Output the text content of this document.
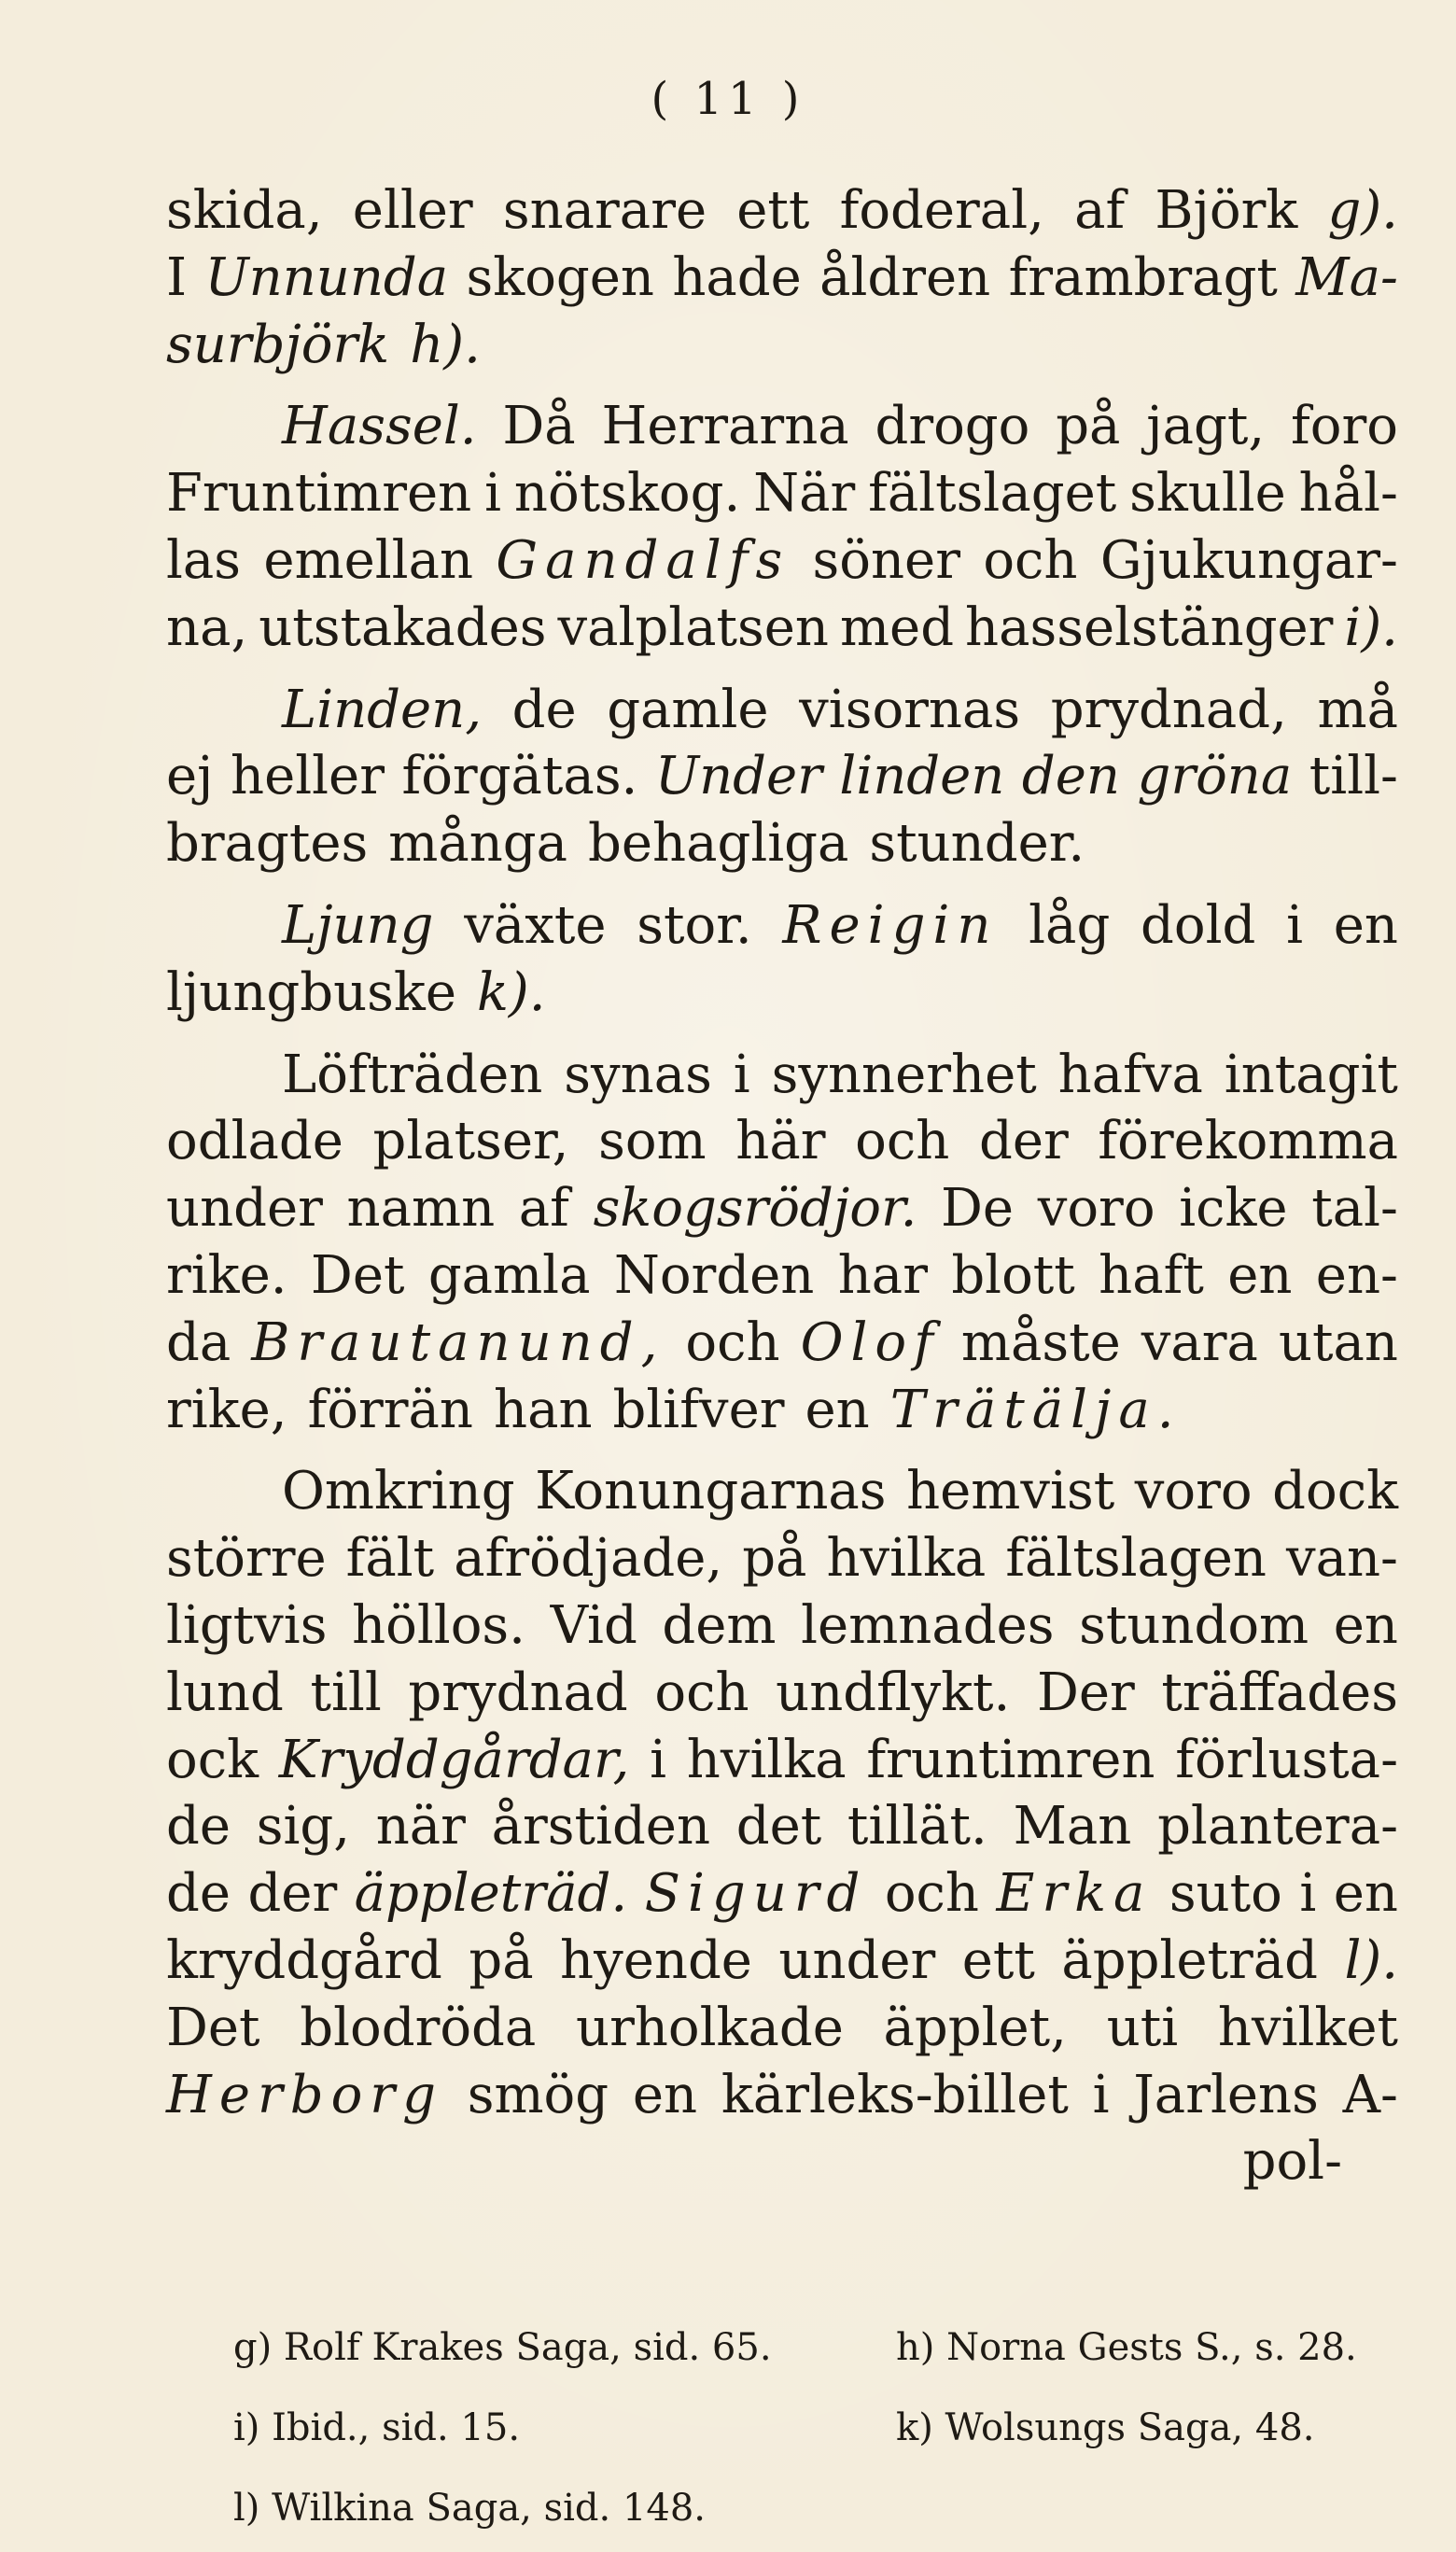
( 11 )
skida, eller snarare ett foderal, af Björk g).
I Unnunda skogen hade åldren frambragt Ma-
surbjörk h).
Hassel. Då Herrarna drogo på jagt, foro
Fruntimren i nötskog. När fältslaget skulle hål-
las emellan Gandalfs söner och Gjukungar-
na, utstakades valplatsen med hasselstänger i).
Linden, de gamle visornas prydnad, må
ej heller förgätas. Under linden den gröna till-
bragtes många behagliga stunder.
Ljung växte stor. Reigin låg dold i en
ljungbuske k).
Löfträden synas i synnerhet hafva intagit
odlade platser, som här och der förekomma
under namn af skogsrödjor. De voro icke tal-
rike. Det gamla Norden har blott haft en en-
da Brautanund, och Olof måste vara utan
rike, förrän han blifver en Trätälja.
Omkring Konungarnas hemvist voro dock
större fält afrödjade, på hvilka fältslagen van-
ligtvis höllos. Vid dem lemnades stundom en
lund till prydnad och undflykt. Der träffades
ock Kryddgårdar, i hvilka fruntimren förlusta-
de sig, när årstiden det tillät. Man plantera-
de der äppleträd. Sigurd och Erka suto i en
kryddgård på hyende under ett äppleträd l).
Det blodröda urholkade äpplet, uti hvilket
Herborg smög en kärleks-billet i Jarlens A-
pol-
g) Rolf Krakes Saga, sid. 65.	h) Norna Gests S., s. 28.
i) Ibid., sid. 15.	k) Wolsungs Saga, 48.
l) Wilkina Saga, sid. 148.
